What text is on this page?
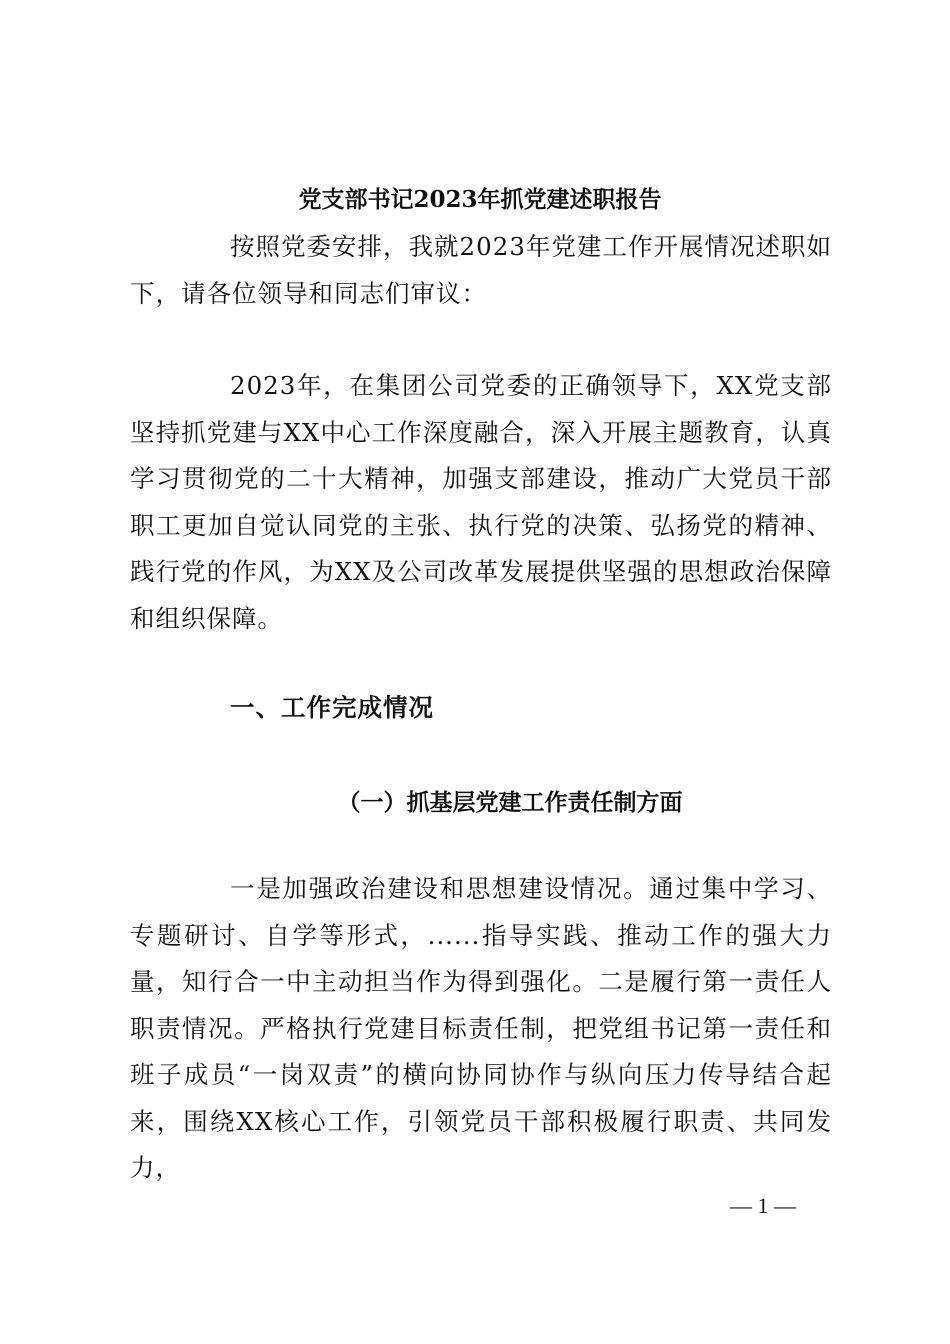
党支部书记2023年抓党建述职报告

按照党委安排，我就2023年党建工作开展情况述职如下，请各位领导和同志们审议：

2023年，在集团公司党委的正确领导下，XX党支部坚持抓党建与XX中心工作深度融合，深入开展主题教育，认真学习贯彻党的二十大精神，加强支部建设，推动广大党员干部职工更加自觉认同党的主张、执行党的决策、弘扬党的精神、践行党的作风，为XX及公司改革发展提供坚强的思想政治保障和组织保障。

一、工作完成情况
（一）抓基层党建工作责任制方面

一是加强政治建设和思想建设情况。通过集中学习、专题研讨、自学等形式，......指导实践、推动工作的强大力量，知行合一中主动担当作为得到强化。二是履行第一责任人职责情况。严格执行党建目标责任制，把党组书记第一责任和班子成员“一岗双责”的横向协同协作与纵向压力传导结合起来，围绕XX核心工作，引领党员干部积极履行职责、共同发力，

— 1 —
